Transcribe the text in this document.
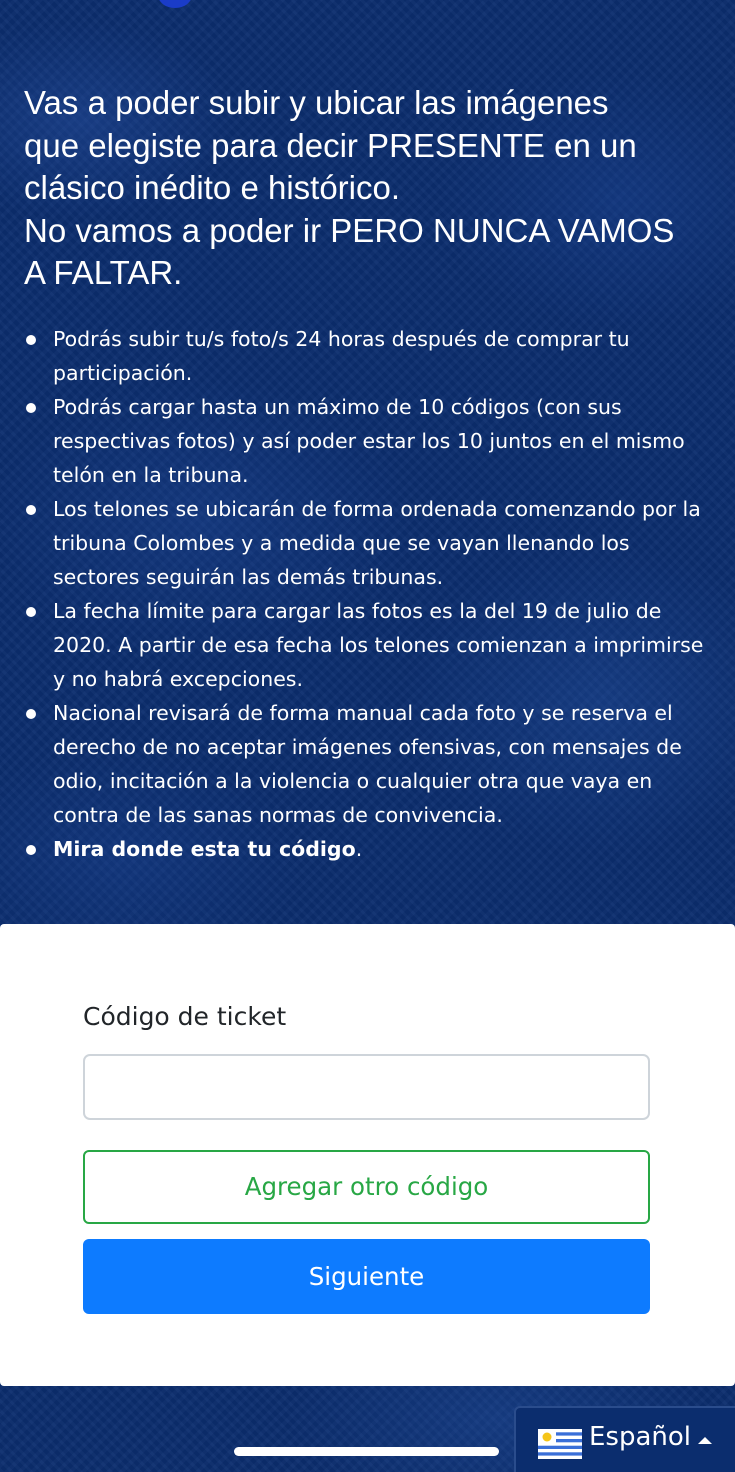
Vas a poder subir y ubicar las imágenes
que elegiste para decir PRESENTE en un
clásico inédito e histórico.
No vamos a poder ir PERO NUNCA VAMOS
A FALTAR.
Podrás subir tu/s foto/s 24 horas después de comprar tu participación.
Podrás cargar hasta un máximo de 10 códigos (con sus respectivas fotos) y así poder estar los 10 juntos en el mismo telón en la tribuna.
Los telones se ubicarán de forma ordenada comenzando por la tribuna Colombes y a medida que se vayan llenando los sectores seguirán las demás tribunas.
La fecha límite para cargar las fotos es la del 19 de julio de 2020. A partir de esa fecha los telones comienzan a imprimirse y no habrá excepciones.
Nacional revisará de forma manual cada foto y se reserva el derecho de no aceptar imágenes ofensivas, con mensajes de odio, incitación a la violencia o cualquier otra que vaya en contra de las sanas normas de convivencia.
Mira donde esta tu código.

Código de ticket

Agregar otro código
Siguiente
Español
